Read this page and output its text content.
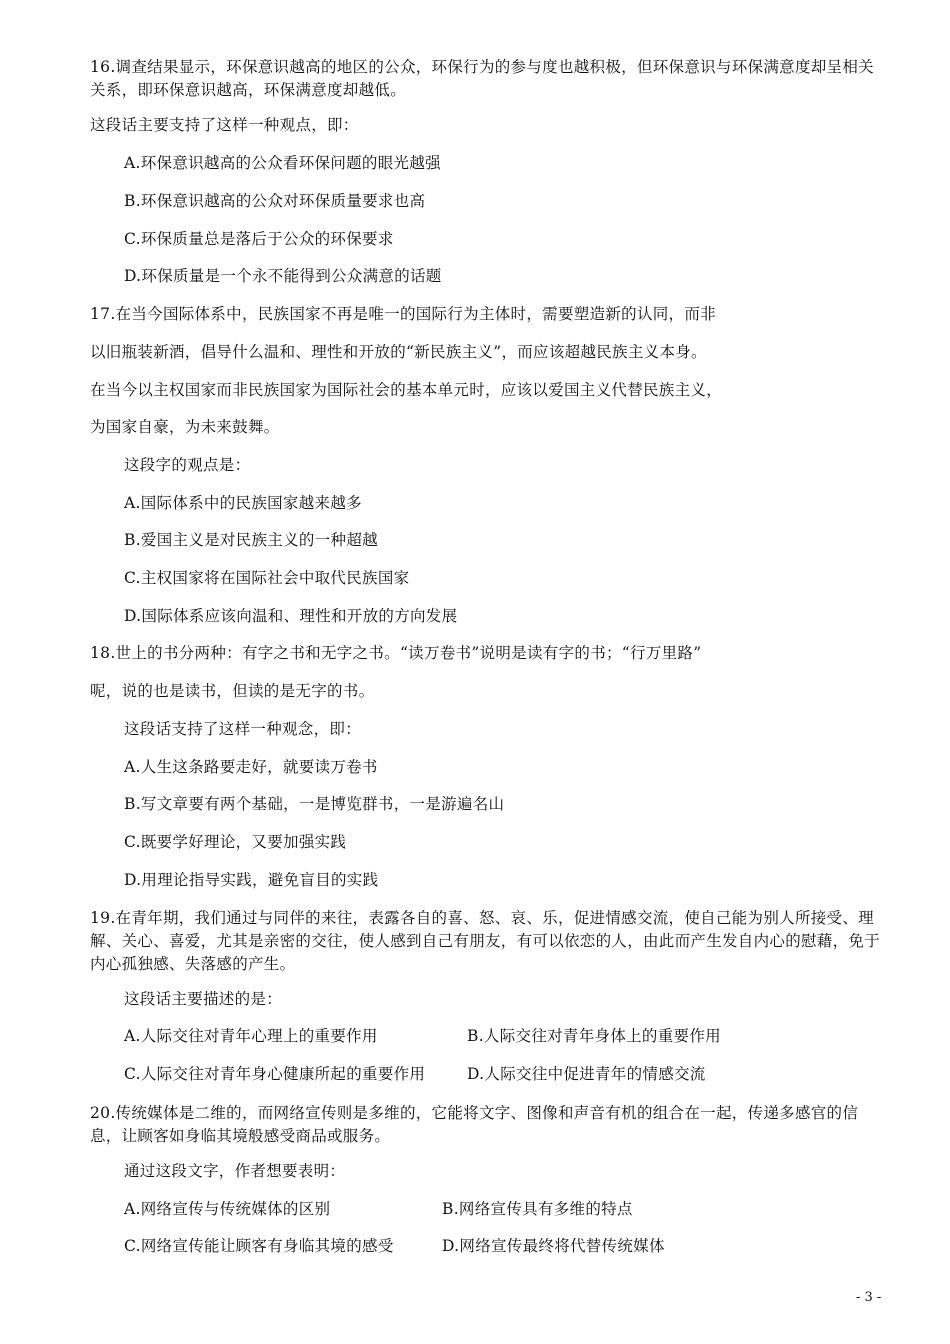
16.调查结果显示，环保意识越高的地区的公众，环保行为的参与度也越积极，但环保意识与环保满意度却呈相关关系，即环保意识越高，环保满意度却越低。
这段话主要支持了这样一种观点，即：
A.环保意识越高的公众看环保问题的眼光越强
B.环保意识越高的公众对环保质量要求也高
C.环保质量总是落后于公众的环保要求
D.环保质量是一个永不能得到公众满意的话题
17.在当今国际体系中，民族国家不再是唯一的国际行为主体时，需要塑造新的认同，而非
以旧瓶装新酒，倡导什么温和、理性和开放的“新民族主义”，而应该超越民族主义本身。
在当今以主权国家而非民族国家为国际社会的基本单元时，应该以爱国主义代替民族主义，
为国家自豪，为未来鼓舞。
这段字的观点是：
A.国际体系中的民族国家越来越多
B.爱国主义是对民族主义的一种超越
C.主权国家将在国际社会中取代民族国家
D.国际体系应该向温和、理性和开放的方向发展
18.世上的书分两种：有字之书和无字之书。“读万卷书”说明是读有字的书；“行万里路”
呢，说的也是读书，但读的是无字的书。
这段话支持了这样一种观念，即：
A.人生这条路要走好，就要读万卷书
B.写文章要有两个基础，一是博览群书，一是游遍名山
C.既要学好理论，又要加强实践
D.用理论指导实践，避免盲目的实践
19.在青年期，我们通过与同伴的来往，表露各自的喜、怒、哀、乐，促进情感交流，使自己能为别人所接受、理解、关心、喜爱，尤其是亲密的交往，使人感到自己有朋友，有可以依恋的人，由此而产生发自内心的慰藉，免于内心孤独感、失落感的产生。
这段话主要描述的是：
A.人际交往对青年心理上的重要作用	B.人际交往对青年身体上的重要作用
C.人际交往对青年身心健康所起的重要作用	D.人际交往中促进青年的情感交流
20.传统媒体是二维的，而网络宣传则是多维的，它能将文字、图像和声音有机的组合在一起，传递多感官的信息，让顾客如身临其境般感受商品或服务。
通过这段文字，作者想要表明：
A.网络宣传与传统媒体的区别	B.网络宣传具有多维的特点
C.网络宣传能让顾客有身临其境的感受	D.网络宣传最终将代替传统媒体
- 3 -
